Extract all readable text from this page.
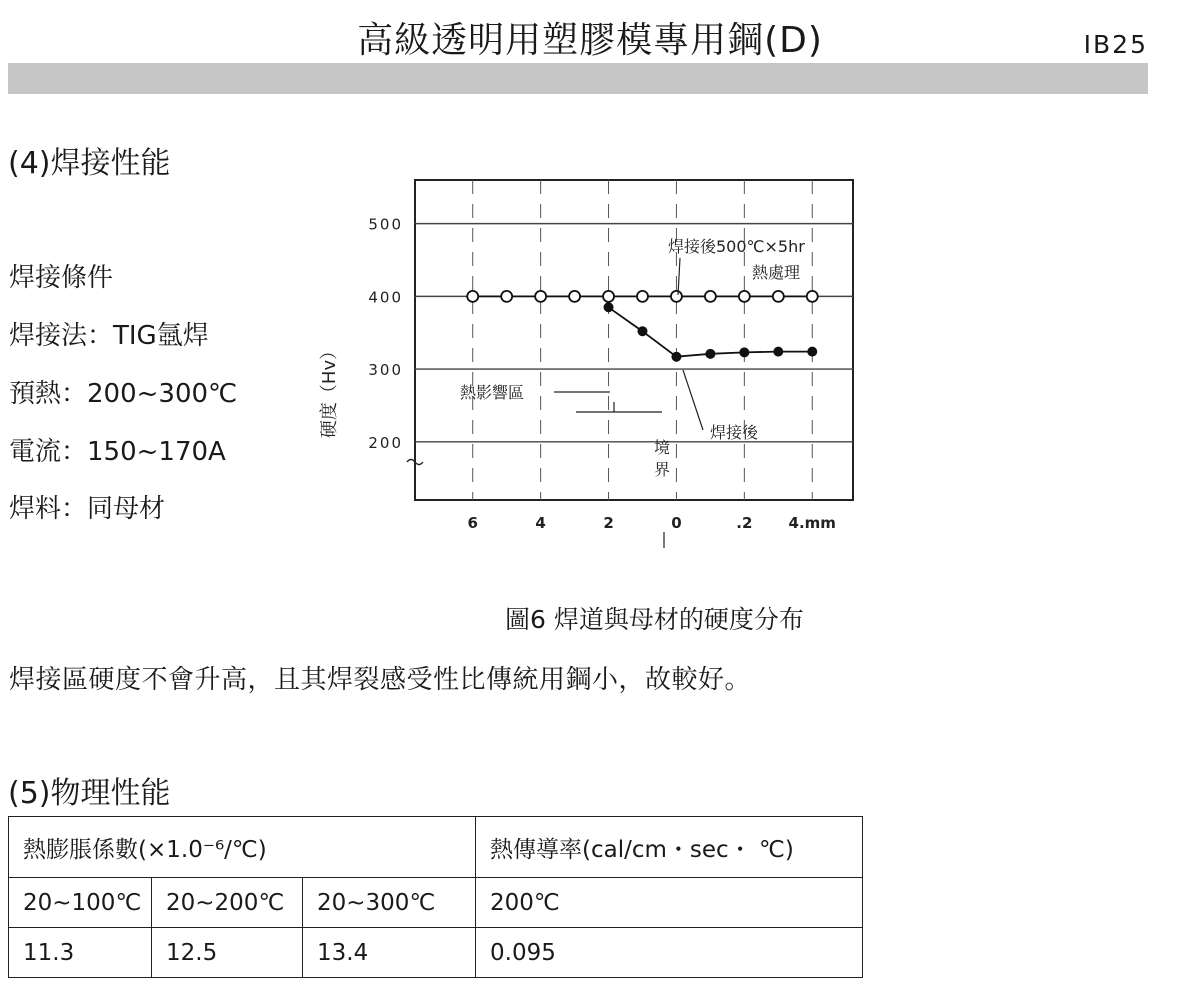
高級透明用塑膠模專用鋼(D)	IB25
(4)焊接性能
焊接條件
焊接法：TIG氬焊
預熱：200~300℃
電流：150~170A
焊料：同母材
500
400
300
200
6	4	2	0	.2 4.mm
硬度（Hv）
焊接後500℃×5hr
熱處理
熱影響區
焊接後
境
界
圖6 焊道與母材的硬度分布
焊接區硬度不會升高，且其焊裂感受性比傳統用鋼小，故較好。
(5)物理性能
熱膨脹係數(×1.0⁻⁶/℃)			熱傳導率(cal/cm・sec・ ℃)
20~100℃	20~200℃	20~300℃	200℃
11.3	12.5	13.4	0.095
